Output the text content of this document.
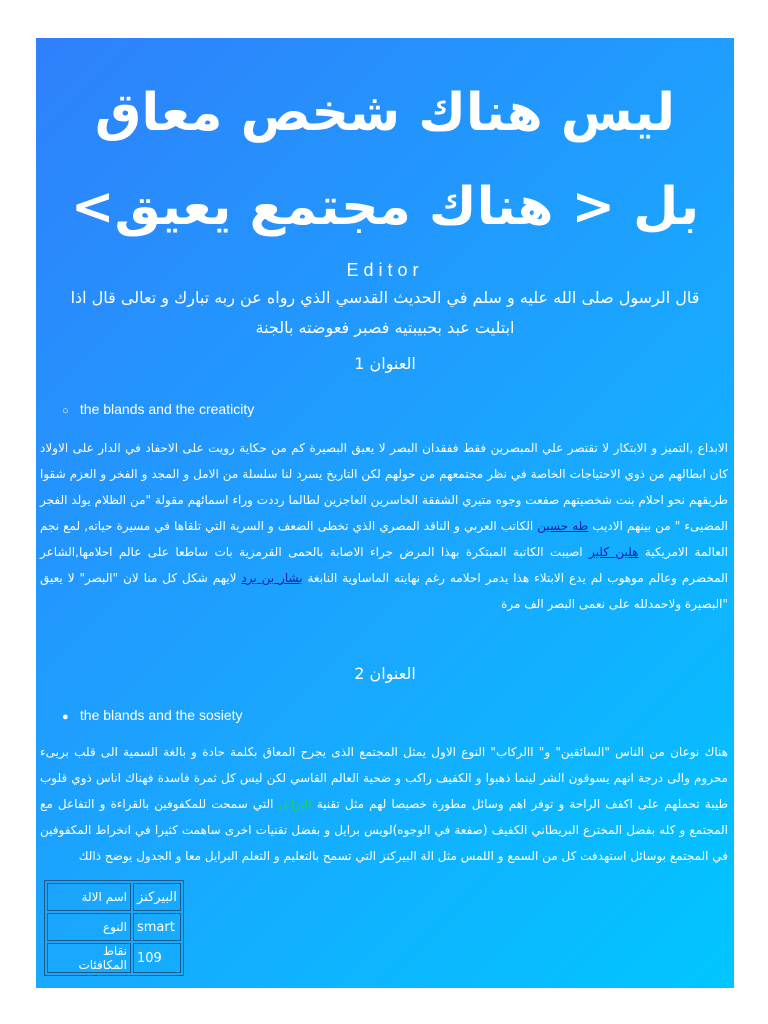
ليس هناك شخص معاق بل < هناك مجتمع يعيق>
Editor
قال الرسول صلى الله عليه و سلم في الحديث القدسي الذي رواه عن ربه تبارك و تعالى قال اذا ابتليت عبد بحبيبتيه فصبر فعوضته بالجنة
العنوان 1
○ the blands and the creaticity

الابداع ,التميز و الابتكار لا تقتصر علي المبصرين فقط ففقدان البصر لا يعيق البصيرة كم من حكاية رويت على الاحفاد في الدار على الاولاد كان ابطالهم من ذوي الاحتياجات الخاصة في نظر مجتمعهم من حولهم لكن التاريخ يسرد لنا سلسلة من الامل و المجد و الفخر و العزم شقوا طريقهم نحو احلام بنت شخصيتهم صفعت وجوه متيري الشفقة الخاسرين العاجزين لطالما رددت وراء اسمائهم مقولة "من الظلام يولد الفجر المضيىء " من بينهم الاديب طه حسين الكاتب العربي و الناقد المصري الذي تخطى الضعف و السرية التي تلقاها في مسيرة حياته, لمع نجم العالمة الامريكية هلين كلير اصيبت الكاتبة المبتكرة بهذا المرض جراء الاصابة بالحمى القرمزية بات ساطعا على عالم احلامها,الشاعر المخضرم وعالم موهوب لم يدع الابتلاء هذا يدمر احلامه رغم نهايته الماساوية النابغة بشار بن برد لايهم شكل كل منا لان "البصر" لا يعيق "البصيرة ولاحمدلله على نعمى البصر الف مرة

العنوان 2
● the blands and the sosiety

هناك نوعان من الناس "السائقين" و" االركاب" النوع الاول يمثل المجتمع الذى يجرح المعاق بكلمة حادة و بالغة السمية الى قلب بريىء محروم والى درجة انهم يسوقون الشر لينما ذهبوا و الكفيف راكب و ضحية العالم القاسي لكن ليس كل ثمرة فاسدة فهناك اناس ذوي قلوب طيبة تحملهم على اكفف الراحة و توفر اهم وسائل مطورة خصيصا لهم مثل تقنية البرايل التي سمحت للمكفوفين بالقراءة و التفاعل مع المجتمع و كله بفضل المخترع البريطاني الكفيف (صفعة في الوجوه)لويس برايل و بفضل تقنيات اخرى ساهمت كثيرا في انخراط المكفوفين في المجتمع بوسائل استهدفت كل من السمع و اللمس مثل الة البيركنز التي تسمح بالتعليم و التعلم البرايل معا و الجدول يوضح ذالك

اسم الالة	البيركنز
النوع	smart
نقاط المكافئات	109
